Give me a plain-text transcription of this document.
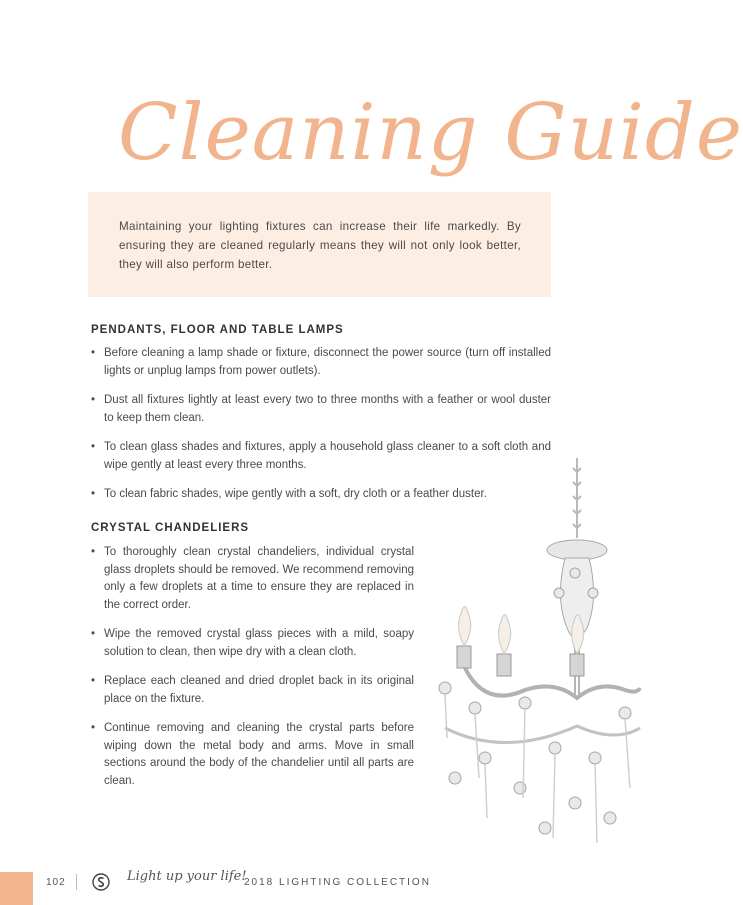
Cleaning Guide

Maintaining your lighting fixtures can increase their life markedly. By ensuring they are cleaned regularly means they will not only look better, they will also perform better.

PENDANTS, FLOOR AND TABLE LAMPS
• Before cleaning a lamp shade or fixture, disconnect the power source (turn off installed lights or unplug lamps from power outlets).
• Dust all fixtures lightly at least every two to three months with a feather or wool duster to keep them clean.
• To clean glass shades and fixtures, apply a household glass cleaner to a soft cloth and wipe gently at least every three months.
• To clean fabric shades, wipe gently with a soft, dry cloth or a feather duster.
CRYSTAL CHANDELIERS
• To thoroughly clean crystal chandeliers, individual crystal glass droplets should be removed. We recommend removing only a few droplets at a time to ensure they are replaced in the correct order.
• Wipe the removed crystal glass pieces with a mild, soapy solution to clean, then wipe dry with a clean cloth.
• Replace each cleaned and dried droplet back in its original place on the fixture.
• Continue removing and cleaning the crystal parts before wiping down the metal body and arms. Move in small sections around the body of the chandelier until all parts are clean.
102	Light up your life!
2018 LIGHTING COLLECTION
